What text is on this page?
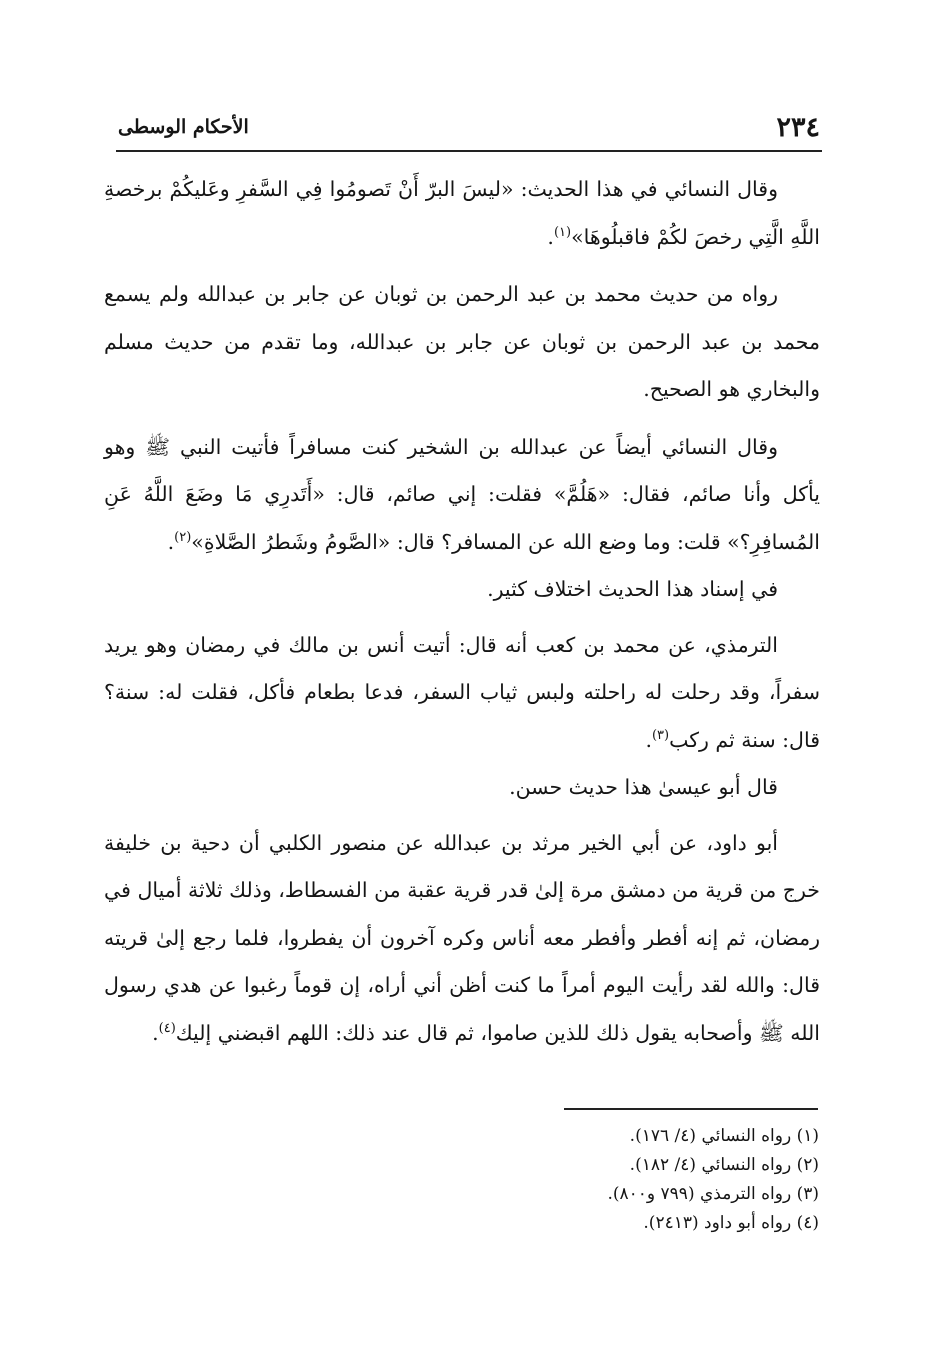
٢٣٤
الأحكام الوسطى

وقال النسائي في هذا الحديث: «ليسَ البرّ أَنْ تَصومُوا فِي السَّفرِ وعَليكُمْ برخصةِ اللَّهِ الَّتِي رخصَ لكُمْ فاقبلُوهَا»$^{(١)}$.

رواه من حديث محمد بن عبد الرحمن بن ثوبان عن جابر بن عبدالله ولم يسمع محمد بن عبد الرحمن بن ثوبان عن جابر بن عبدالله، وما تقدم من حديث مسلم والبخاري هو الصحيح.

وقال النسائي أيضاً عن عبدالله بن الشخير كنت مسافراً فأتيت النبي ﷺ وهو يأكل وأنا صائم، فقال: «هَلُمَّ» فقلت: إني صائم، قال: «أَتَدرِي مَا وضَعَ اللَّهُ عَنِ المُسافِرِ؟» قلت: وما وضع الله عن المسافر؟ قال: «الصَّومُ وشَطرُ الصَّلاةِ»$^{(٢)}$.

في إسناد هذا الحديث اختلاف كثير.

الترمذي، عن محمد بن كعب أنه قال: أتيت أنس بن مالك في رمضان وهو يريد سفراً، وقد رحلت له راحلته ولبس ثياب السفر، فدعا بطعام فأكل، فقلت له: سنة؟ قال: سنة ثم ركب$^{(٣)}$.

قال أبو عيسىٰ هذا حديث حسن.

أبو داود، عن أبي الخير مرثد بن عبدالله عن منصور الكلبي أن دحية بن خليفة خرج من قرية من دمشق مرة إلىٰ قدر قرية عقبة من الفسطاط، وذلك ثلاثة أميال في رمضان، ثم إنه أفطر وأفطر معه أناس وكره آخرون أن يفطروا، فلما رجع إلىٰ قريته قال: والله لقد رأيت اليوم أمراً ما كنت أظن أني أراه، إن قوماً رغبوا عن هدي رسول الله ﷺ وأصحابه يقول ذلك للذين صاموا، ثم قال عند ذلك: اللهم اقبضني إليك$^{(٤)}$.

(١) رواه النسائي (٤/ ١٧٦).

(٢) رواه النسائي (٤/ ١٨٢).

(٣) رواه الترمذي (٧٩٩ و٨٠٠).

(٤) رواه أبو داود (٢٤١٣).
